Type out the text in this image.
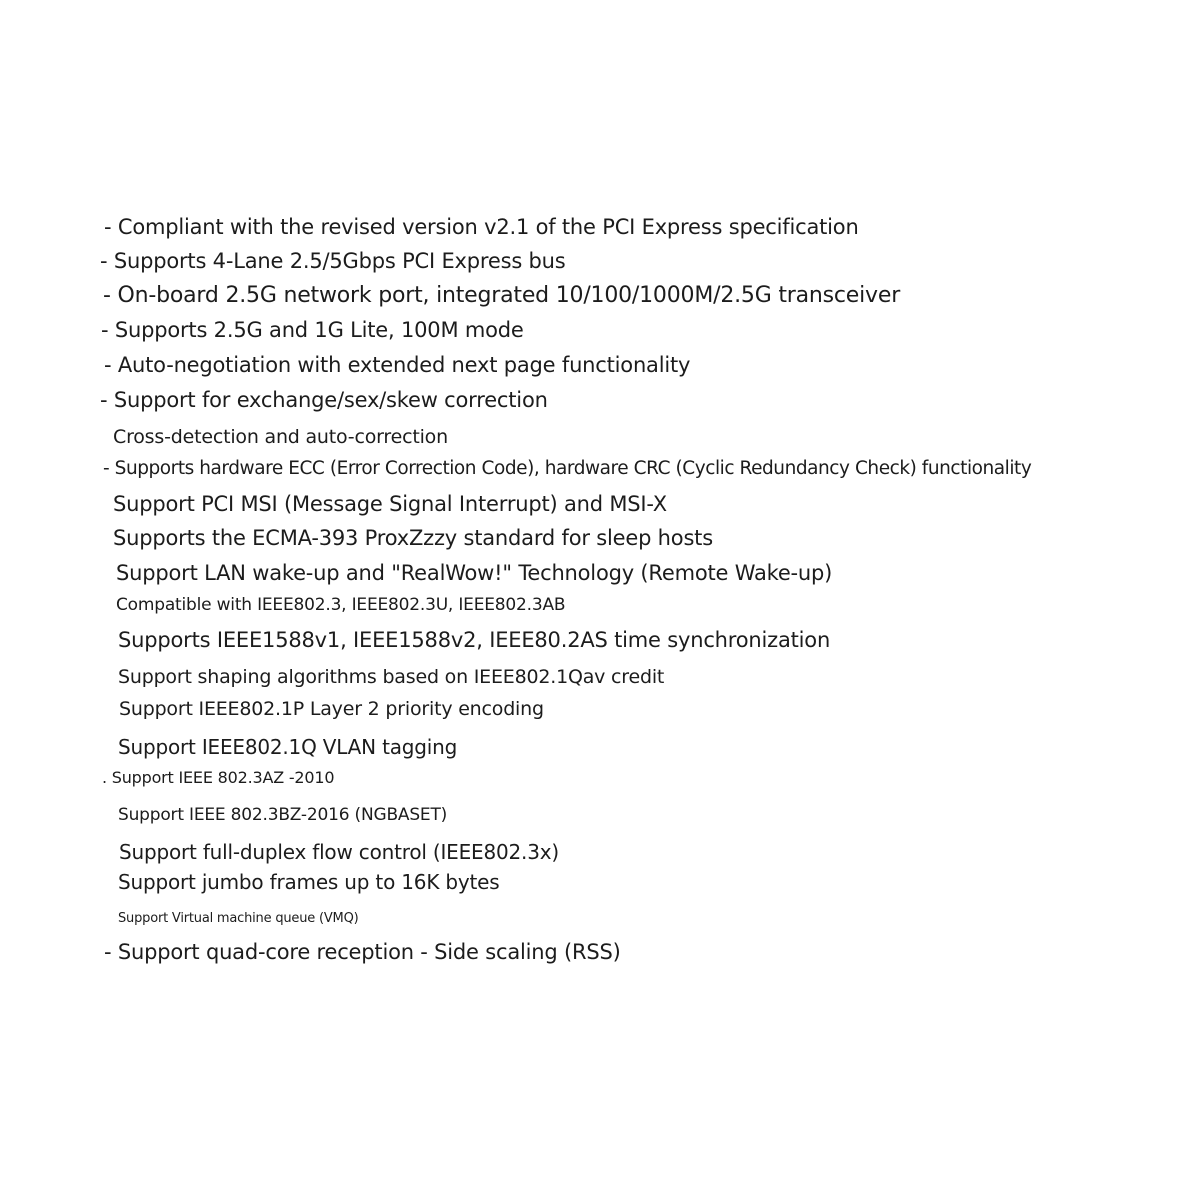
- Compliant with the revised version v2.1 of the PCI Express specification
- Supports 4-Lane 2.5/5Gbps PCI Express bus
- On-board 2.5G network port, integrated 10/100/1000M/2.5G transceiver
- Supports 2.5G and 1G Lite, 100M mode
- Auto-negotiation with extended next page functionality
- Support for exchange/sex/skew correction
Cross-detection and auto-correction
- Supports hardware ECC (Error Correction Code), hardware CRC (Cyclic Redundancy Check) functionality
Support PCI MSI (Message Signal Interrupt) and MSI-X
Supports the ECMA-393 ProxZzzy standard for sleep hosts
Support LAN wake-up and "RealWow!" Technology (Remote Wake-up)
Compatible with IEEE802.3, IEEE802.3U, IEEE802.3AB
Supports IEEE1588v1, IEEE1588v2, IEEE80.2AS time synchronization
Support shaping algorithms based on IEEE802.1Qav credit
Support IEEE802.1P Layer 2 priority encoding
Support IEEE802.1Q VLAN tagging
. Support IEEE 802.3AZ -2010
Support IEEE 802.3BZ-2016 (NGBASET)
Support full-duplex flow control (IEEE802.3x)
Support jumbo frames up to 16K bytes
Support Virtual machine queue (VMQ)
- Support quad-core reception - Side scaling (RSS)
